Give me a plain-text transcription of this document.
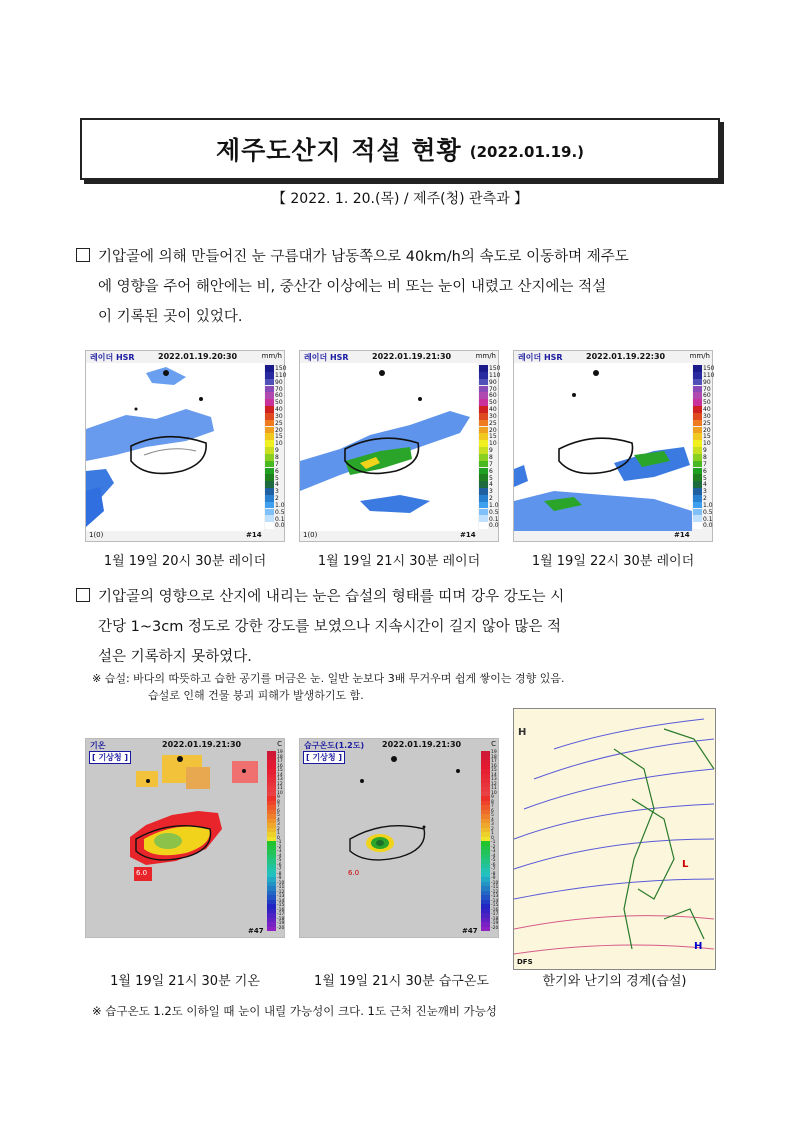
제주도산지 적설 현황 (2022.01.19.)
【 2022. 1. 20.(목) / 제주(청) 관측과 】
기압골에 의해 만들어진 눈 구름대가 남동쪽으로 40km/h의 속도로 이동하며 제주도
에 영향을 주어 해안에는 비, 중산간 이상에는 비 또는 눈이 내렸고 산지에는 적설
이 기록된 곳이 있었다.
레이더 HSR	2022.01.19.20:30	mm/h
1(0)	#14
150
110
90
70
60
50
40
30
25
20
15
10
9
8
7
6
5
4
3
2
1.0
0.5
0.1
0.0
레이더 HSR	2022.01.19.21:30	mm/h
1(0)	#14
150
110
90
70
60
50
40
30
25
20
15
10
9
8
7
6
5
4
3
2
1.0
0.5
0.1
0.0
레이더 HSR	2022.01.19.22:30	mm/h
#14
150
110
90
70
60
50
40
30
25
20
15
10
9
8
7
6
5
4
3
2
1.0
0.5
0.1
0.0
1월 19일 20시 30분 레이더	1월 19일 21시 30분 레이더	1월 19일 22시 30분 레이더
기압골의 영향으로 산지에 내리는 눈은 습설의 형태를 띠며 강우 강도는 시
간당 1~3cm 정도로 강한 강도를 보였으나 지속시간이 길지 않아 많은 적
설은 기록하지 못하였다.
※ 습설: 바다의 따뜻하고 습한 공기를 머금은 눈. 일반 눈보다 3배 무거우며 쉽게 쌓이는 경향 있음.
습설로 인해 건물 붕괴 피해가 발생하기도 함.
기온
[ 기상청 ]
2022.01.19.21:30	C
6.0
#47
19
18
17
16
15
14
13
12
11
10
9
8
7
6
5
4
3
2
1
0
-1
-2
-3
-4
-5
-6
-7
-8
-9
-10
-11
-12
-13
-14
-15
-16
-17
-18
-19
-20
습구온도(1.2도)
[ 기상청 ]
2022.01.19.21:30	C
6.0
#47
19
18
17
16
15
14
13
12
11
10
9
8
7
6
5
4
3
2
1
0
-1
-2
-3
-4
-5
-6
-7
-8
-9
-10
-11
-12
-13
-14
-15
-16
-17
-18
-19
-20
H
L
H
DFS
1월 19일 21시 30분 기온	1월 19일 21시 30분 습구온도	한기와 난기의 경계(습설)
※ 습구온도 1.2도 이하일 때 눈이 내릴 가능성이 크다. 1도 근처 진눈깨비 가능성
